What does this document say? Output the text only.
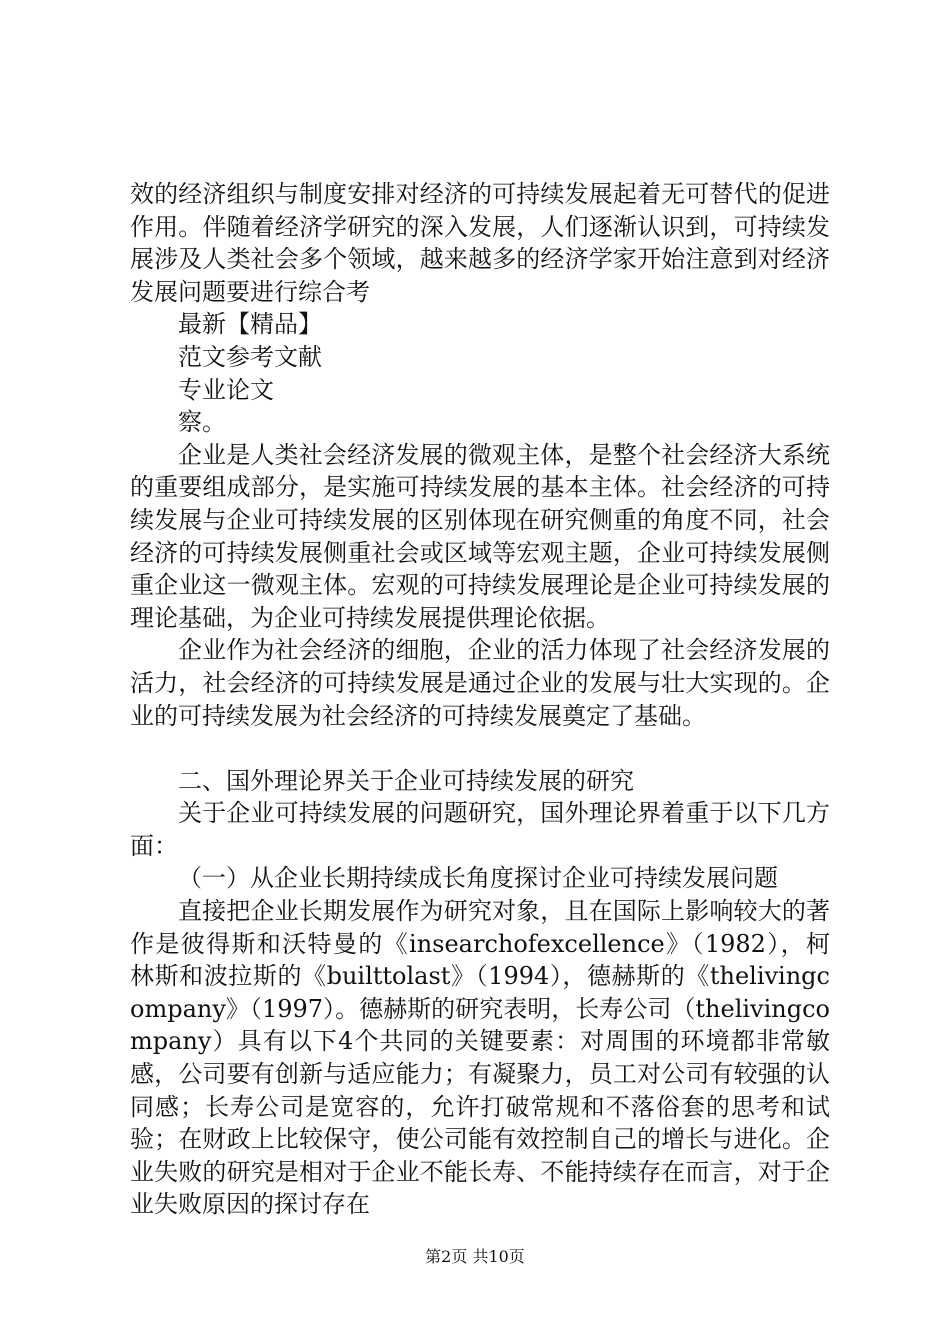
效的经济组织与制度安排对经济的可持续发展起着无可替代的促进作用。伴随着经济学研究的深入发展，人们逐渐认识到，可持续发展涉及人类社会多个领域，越来越多的经济学家开始注意到对经济发展问题要进行综合考

最新【精品】

范文参考文献

专业论文

察。

企业是人类社会经济发展的微观主体，是整个社会经济大系统的重要组成部分，是实施可持续发展的基本主体。社会经济的可持续发展与企业可持续发展的区别体现在研究侧重的角度不同，社会经济的可持续发展侧重社会或区域等宏观主题，企业可持续发展侧重企业这一微观主体。宏观的可持续发展理论是企业可持续发展的理论基础，为企业可持续发展提供理论依据。

企业作为社会经济的细胞，企业的活力体现了社会经济发展的活力，社会经济的可持续发展是通过企业的发展与壮大实现的。企业的可持续发展为社会经济的可持续发展奠定了基础。

二、国外理论界关于企业可持续发展的研究

关于企业可持续发展的问题研究，国外理论界着重于以下几方面：

（一）从企业长期持续成长角度探讨企业可持续发展问题

直接把企业长期发展作为研究对象，且在国际上影响较大的著作是彼得斯和沃特曼的《insearchofexcellence》（1982），柯林斯和波拉斯的《builttolast》（1994），德赫斯的《thelivingcompany》（1997）。德赫斯的研究表明，长寿公司（thelivingcompany）具有以下4个共同的关键要素：对周围的环境都非常敏感，公司要有创新与适应能力；有凝聚力，员工对公司有较强的认同感；长寿公司是宽容的，允许打破常规和不落俗套的思考和试验；在财政上比较保守，使公司能有效控制自己的增长与进化。企业失败的研究是相对于企业不能长寿、不能持续存在而言，对于企业失败原因的探讨存在

第2页 共10页
